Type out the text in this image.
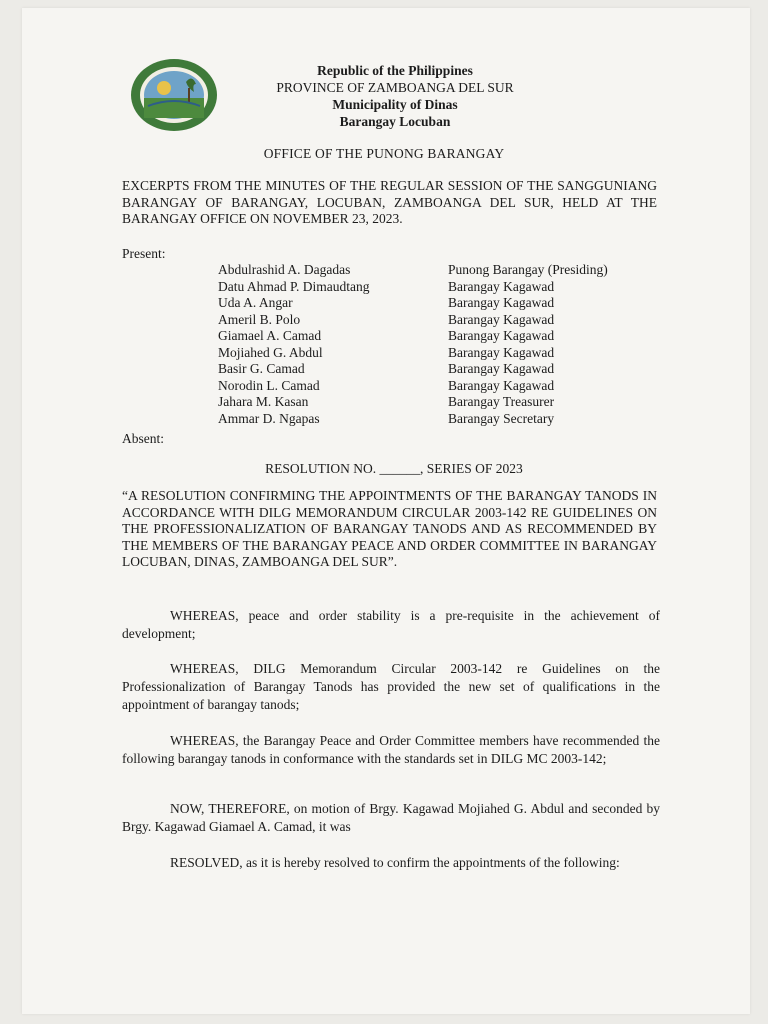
Republic of the Philippines
PROVINCE OF ZAMBOANGA DEL SUR
Municipality of Dinas
Barangay Locuban
OFFICE OF THE PUNONG BARANGAY
EXCERPTS FROM THE MINUTES OF THE REGULAR SESSION OF THE SANGGUNIANG BARANGAY OF BARANGAY, LOCUBAN, ZAMBOANGA DEL SUR, HELD AT THE BARANGAY OFFICE ON NOVEMBER 23, 2023.
Present:
Abdulrashid A. Dagadas	Punong Barangay (Presiding)
Datu Ahmad P. Dimaudtang	Barangay Kagawad
Uda A. Angar	Barangay Kagawad
Ameril B. Polo	Barangay Kagawad
Giamael A. Camad	Barangay Kagawad
Mojiahed G. Abdul	Barangay Kagawad
Basir G. Camad	Barangay Kagawad
Norodin L. Camad	Barangay Kagawad
Jahara M. Kasan	Barangay Treasurer
Ammar D. Ngapas	Barangay Secretary
Absent:
RESOLUTION NO. ______, SERIES OF 2023
“A RESOLUTION CONFIRMING THE APPOINTMENTS OF THE BARANGAY TANODS IN ACCORDANCE WITH DILG MEMORANDUM CIRCULAR 2003-142 RE GUIDELINES ON THE PROFESSIONALIZATION OF BARANGAY TANODS AND AS RECOMMENDED BY THE MEMBERS OF THE BARANGAY PEACE AND ORDER COMMITTEE IN BARANGAY LOCUBAN, DINAS, ZAMBOANGA DEL SUR”.
WHEREAS, peace and order stability is a pre-requisite in the achievement of development;
WHEREAS, DILG Memorandum Circular 2003-142 re Guidelines on the Professionalization of Barangay Tanods has provided the new set of qualifications in the appointment of barangay tanods;
WHEREAS, the Barangay Peace and Order Committee members have recommended the following barangay tanods in conformance with the standards set in DILG MC 2003-142;
NOW, THEREFORE, on motion of Brgy. Kagawad Mojiahed G. Abdul and seconded by Brgy. Kagawad Giamael A. Camad, it was
RESOLVED, as it is hereby resolved to confirm the appointments of the following:
